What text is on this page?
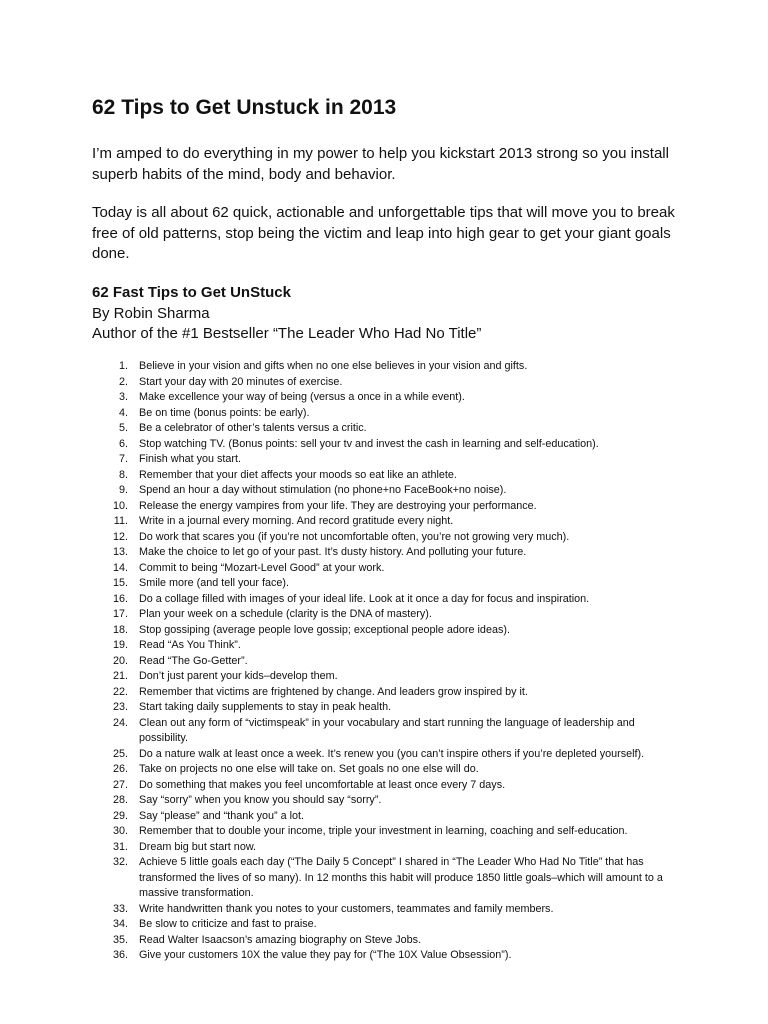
62 Tips to Get Unstuck in 2013

I’m amped to do everything in my power to help you kickstart 2013 strong so you install superb habits of the mind, body and behavior.

Today is all about 62 quick, actionable and unforgettable tips that will move you to break free of old patterns, stop being the victim and leap into high gear to get your giant goals done.

62 Fast Tips to Get UnStuck
By Robin Sharma
Author of the #1 Bestseller “The Leader Who Had No Title”
1. Believe in your vision and gifts when no one else believes in your vision and gifts.
2. Start your day with 20 minutes of exercise.
3. Make excellence your way of being (versus a once in a while event).
4. Be on time (bonus points: be early).
5. Be a celebrator of other’s talents versus a critic.
6. Stop watching TV. (Bonus points: sell your tv and invest the cash in learning and self-education).
7. Finish what you start.
8. Remember that your diet affects your moods so eat like an athlete.
9. Spend an hour a day without stimulation (no phone+no FaceBook+no noise).
10. Release the energy vampires from your life. They are destroying your performance.
11. Write in a journal every morning. And record gratitude every night.
12. Do work that scares you (if you’re not uncomfortable often, you’re not growing very much).
13. Make the choice to let go of your past. It’s dusty history. And polluting your future.
14. Commit to being “Mozart-Level Good” at your work.
15. Smile more (and tell your face).
16. Do a collage filled with images of your ideal life. Look at it once a day for focus and inspiration.
17. Plan your week on a schedule (clarity is the DNA of mastery).
18. Stop gossiping (average people love gossip; exceptional people adore ideas).
19. Read “As You Think”.
20. Read “The Go-Getter”.
21. Don’t just parent your kids–develop them.
22. Remember that victims are frightened by change. And leaders grow inspired by it.
23. Start taking daily supplements to stay in peak health.
24. Clean out any form of “victimspeak” in your vocabulary and start running the language of leadership and possibility.
25. Do a nature walk at least once a week. It’s renew you (you can’t inspire others if you’re depleted yourself).
26. Take on projects no one else will take on. Set goals no one else will do.
27. Do something that makes you feel uncomfortable at least once every 7 days.
28. Say “sorry” when you know you should say “sorry”.
29. Say “please” and “thank you” a lot.
30. Remember that to double your income, triple your investment in learning, coaching and self-education.
31. Dream big but start now.
32. Achieve 5 little goals each day (“The Daily 5 Concept” I shared in “The Leader Who Had No Title” that has transformed the lives of so many). In 12 months this habit will produce 1850 little goals–which will amount to a massive transformation.
33. Write handwritten thank you notes to your customers, teammates and family members.
34. Be slow to criticize and fast to praise.
35. Read Walter Isaacson’s amazing biography on Steve Jobs.
36. Give your customers 10X the value they pay for (“The 10X Value Obsession”).
